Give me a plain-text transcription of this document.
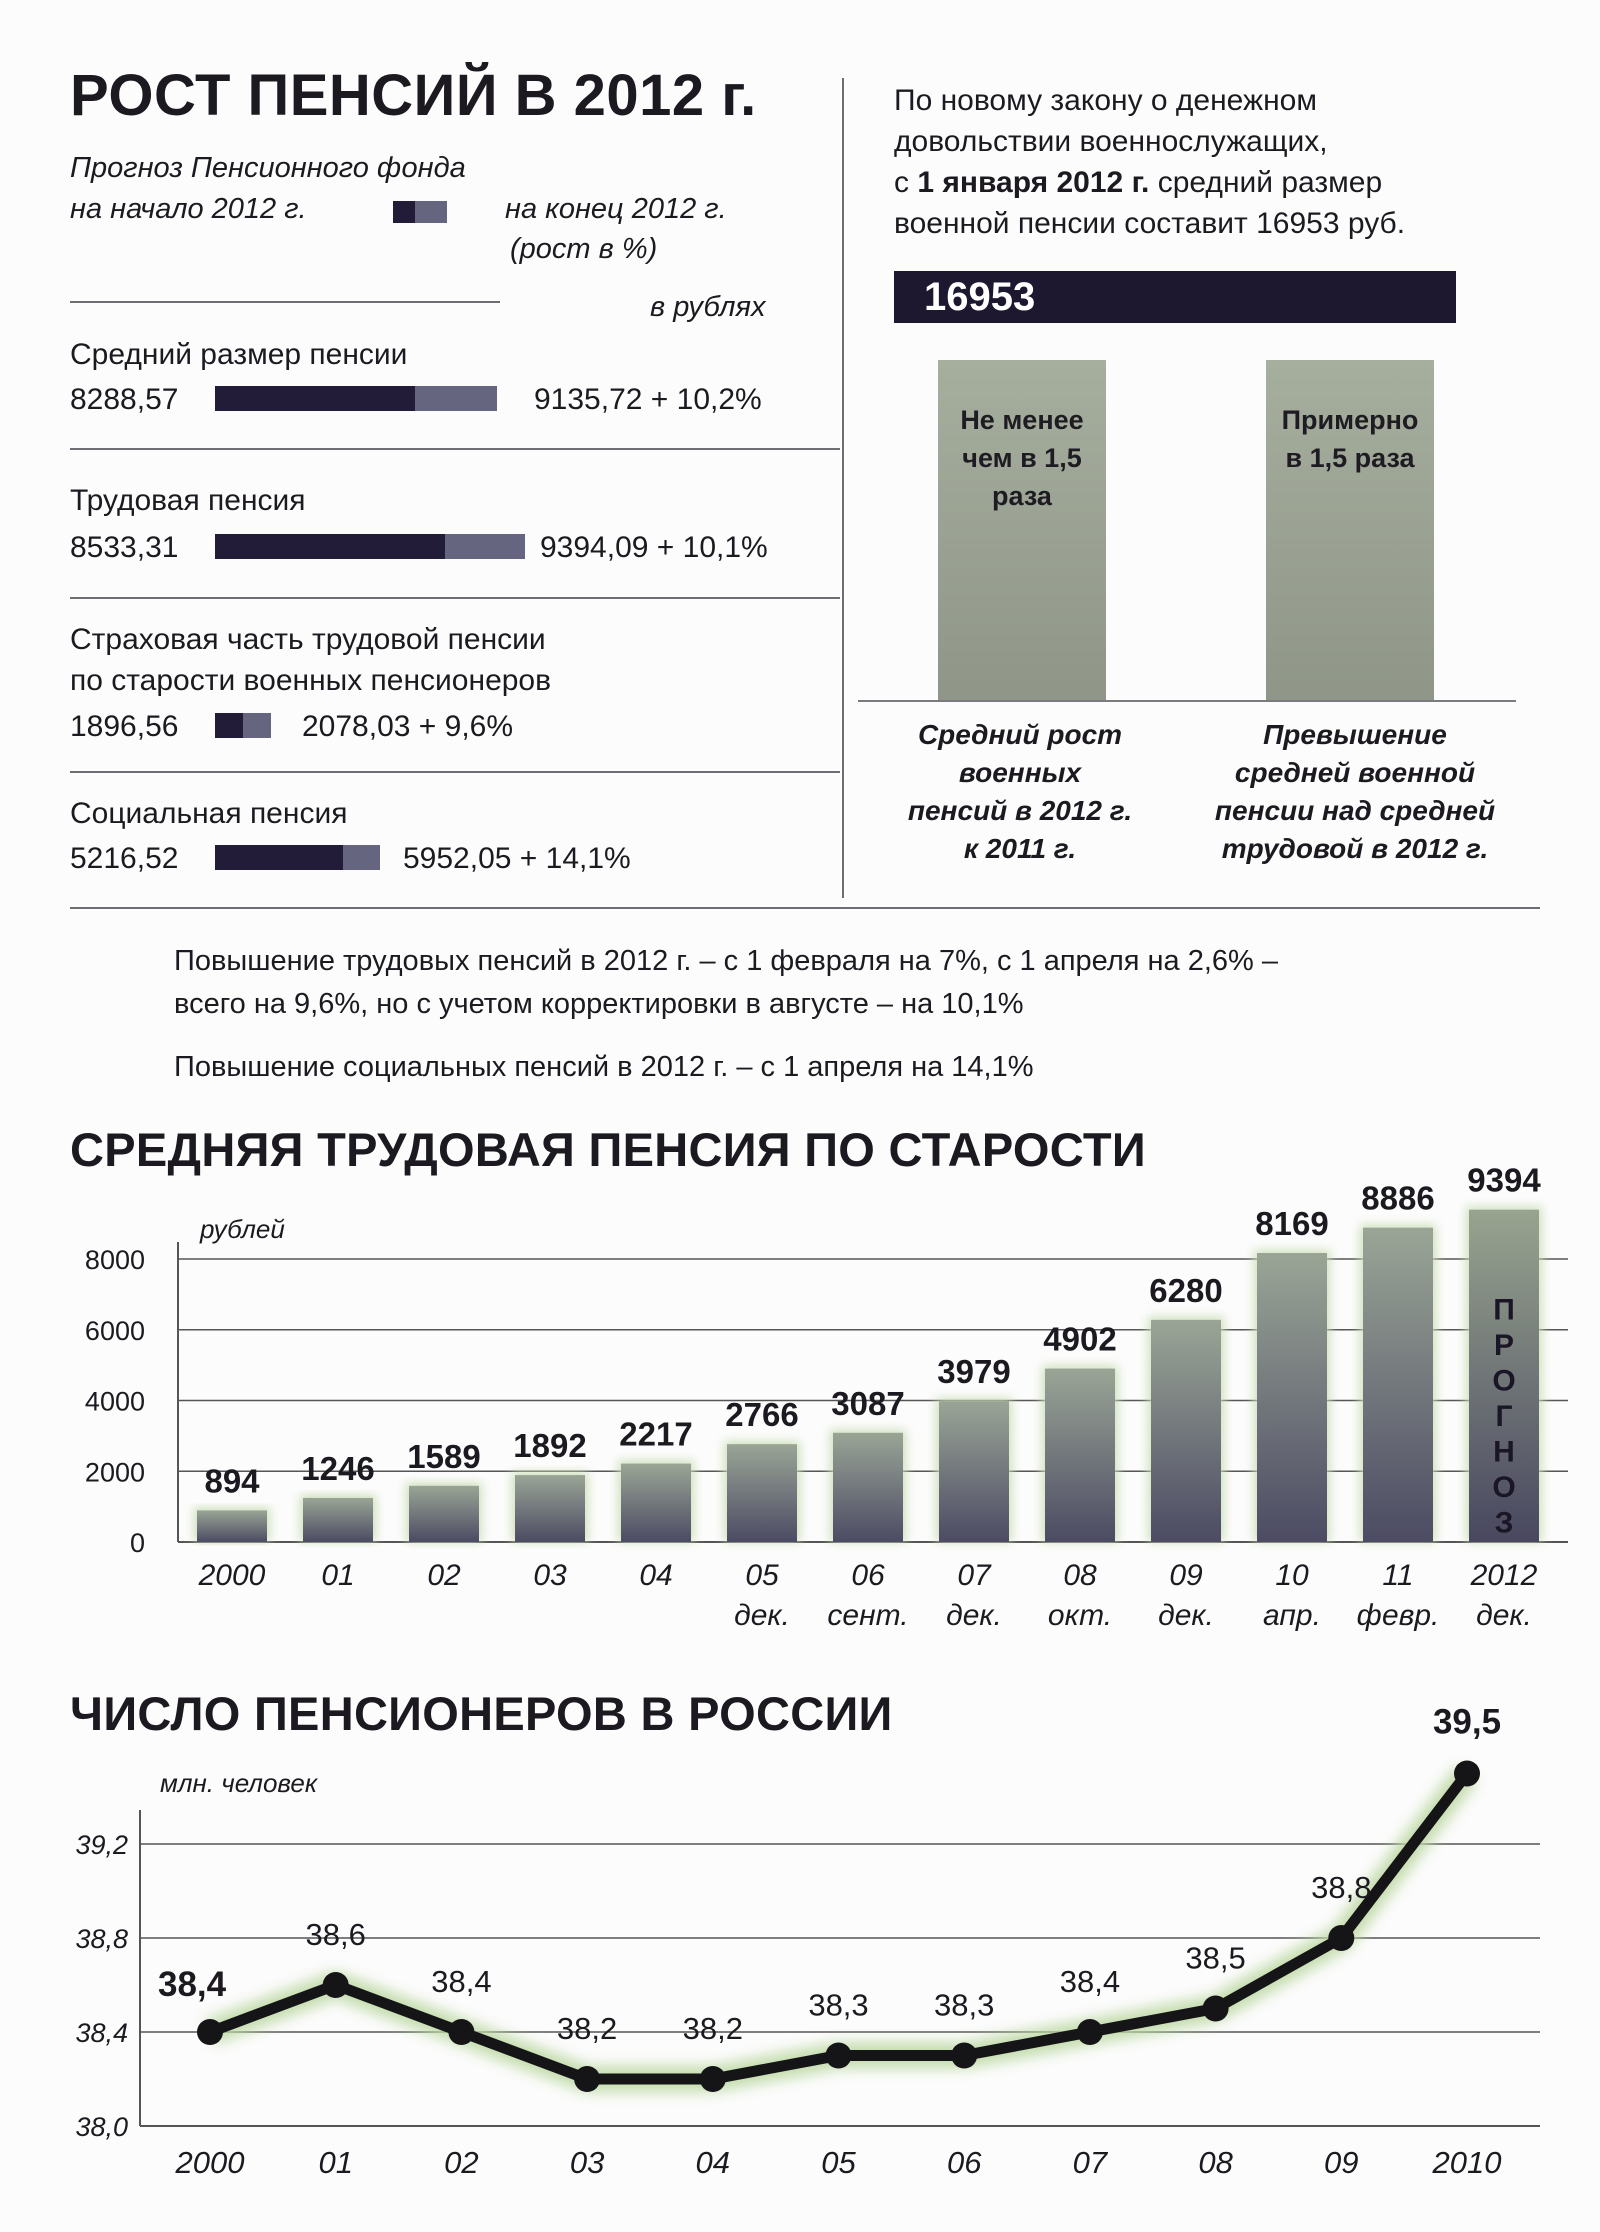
РОСТ ПЕНСИЙ В 2012 г.
Прогноз Пенсионного фонда
на начало 2012 г.	на конец 2012 г.
(рост в %)
в рублях
Средний размер пенсии
8288,57	9135,72 + 10,2%
Трудовая пенсия
8533,31	9394,09 + 10,1%
Страховая часть трудовой пенсии
по старости военных пенсионеров
1896,56	2078,03 + 9,6%
Социальная пенсия
5216,52	5952,05 + 14,1%
По новому закону о денежном
довольствии военнослужащих,
с 1 января 2012 г. средний размер
военной пенсии составит 16953 руб.
16953
Не менее
чем в 1,5 раза
Примерно
в 1,5 раза
Средний рост
военных
пенсий в 2012 г.
к 2011 г.
Превышение
средней военной
пенсии над средней
трудовой в 2012 г.
Повышение трудовых пенсий в 2012 г. – с 1 февраля на 7%, с 1 апреля на 2,6% –
всего на 9,6%, но с учетом корректировки в августе – на 10,1%
Повышение социальных пенсий в 2012 г. – с 1 апреля на 14,1%
СРЕДНЯЯ ТРУДОВАЯ ПЕНСИЯ ПО СТАРОСТИ
0
2000
4000
6000
8000
рублей
894
2000
1246
01
1589
02
1892
03
2217
04
2766
05
дек.
3087
06
сент.
3979
07
дек.
4902
08
окт.
6280
09
дек.
8169
10
апр.
8886
11
февр.
9394
2012
дек.
П
Р
О
Г
Н
О
З
ЧИСЛО ПЕНСИОНЕРОВ В РОССИИ
38,0
38,4
38,8
39,2
млн. человек
38,4
2000
38,6
01
38,4
02
38,2
03
38,2
04
38,3
05
38,3
06
38,4
07
38,5
08
38,8
09
39,5
2010
